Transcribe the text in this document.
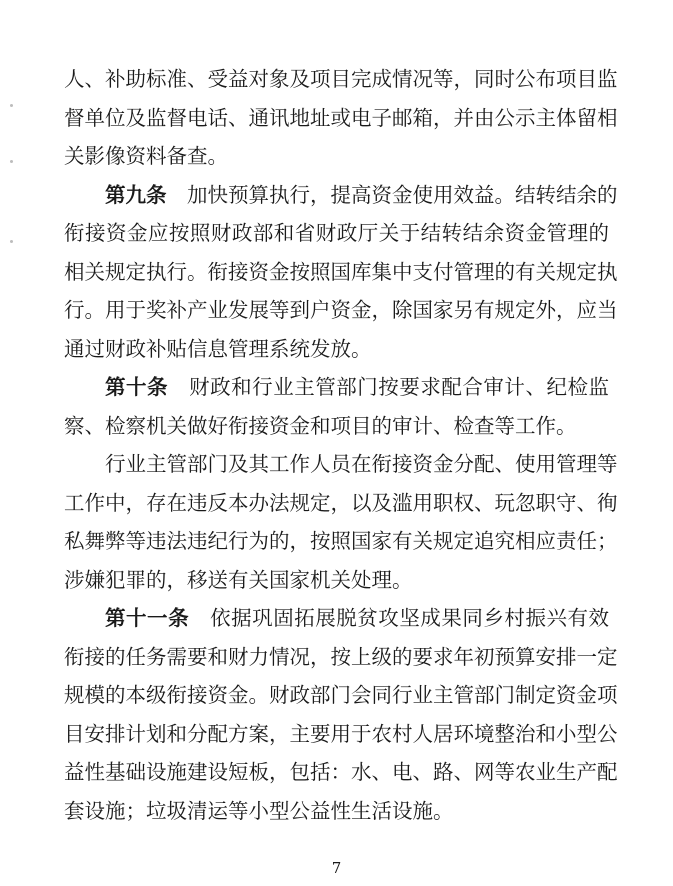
人、补助标准、受益对象及项目完成情况等，同时公布项目监
督单位及监督电话、通讯地址或电子邮箱，并由公示主体留相
关影像资料备查。
第九条　 加快预算执行，提高资金使用效益。结转结余的
衔接资金应按照财政部和省财政厅关于结转结余资金管理的
相关规定执行。衔接资金按照国库集中支付管理的有关规定执
行。用于奖补产业发展等到户资金，除国家另有规定外，应当
通过财政补贴信息管理系统发放。
第十条　 财政和行业主管部门按要求配合审计、纪检监
察、检察机关做好衔接资金和项目的审计、检查等工作。
行业主管部门及其工作人员在衔接资金分配、使用管理等
工作中，存在违反本办法规定，以及滥用职权、玩忽职守、徇
私舞弊等违法违纪行为的，按照国家有关规定追究相应责任；
涉嫌犯罪的，移送有关国家机关处理。
第十一条　 依据巩固拓展脱贫攻坚成果同乡村振兴有效
衔接的任务需要和财力情况，按上级的要求年初预算安排一定
规模的本级衔接资金。财政部门会同行业主管部门制定资金项
目安排计划和分配方案，主要用于农村人居环境整治和小型公
益性基础设施建设短板，包括：水、电、路、网等农业生产配
7
套设施；垃圾清运等小型公益性生活设施。
